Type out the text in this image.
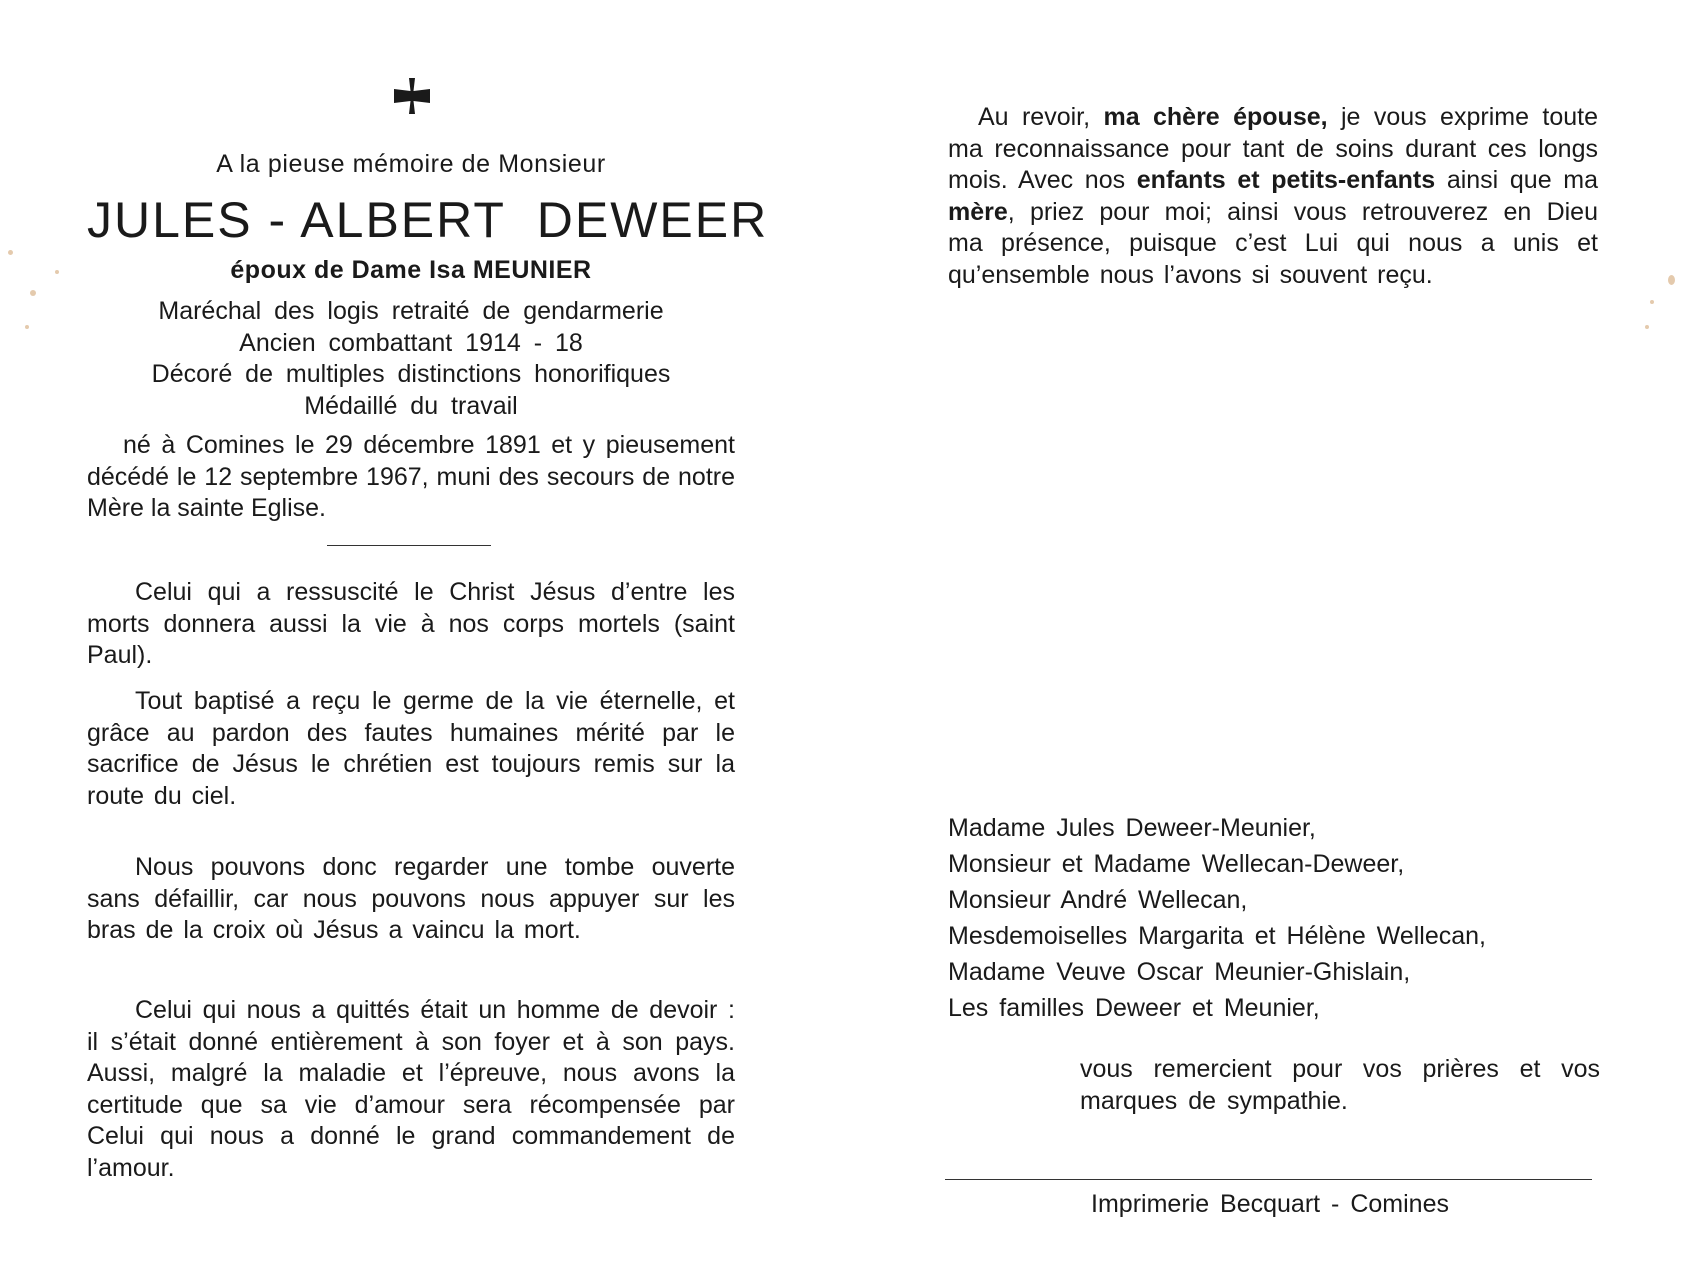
A la pieuse mémoire de Monsieur
JULES - ALBERT  DEWEER
époux de Dame Isa MEUNIER
Maréchal des logis retraité de gendarmerie
Ancien combattant 1914 - 18
Décoré de multiples distinctions honorifiques
Médaillé du travail

né à Comines le 29 décembre 1891 et y pieusement décédé le 12 septembre 1967, muni des secours de notre Mère la sainte Eglise.

Celui qui a ressuscité le Christ Jésus d’entre les morts donnera aussi la vie à nos corps mortels (saint Paul).

Tout baptisé a reçu le germe de la vie éternelle, et grâce au pardon des fautes humaines mérité par le sacrifice de Jésus le chrétien est toujours remis sur la route du ciel.

Nous pouvons donc regarder une tombe ouverte sans défaillir, car nous pouvons nous appuyer sur les bras de la croix où Jésus a vaincu la mort.

Celui qui nous a quittés était un homme de devoir : il s’était donné entièrement à son foyer et à son pays. Aussi, malgré la maladie et l’épreuve, nous avons la certitude que sa vie d’amour sera récompensée par Celui qui nous a donné le grand commandement de l’amour.

Au revoir, ma chère épouse, je vous exprime toute ma reconnaissance pour tant de soins durant ces longs mois. Avec nos enfants et petits-enfants ainsi que ma mère, priez pour moi; ainsi vous retrouverez en Dieu ma présence, puisque c’est Lui qui nous a unis et qu’ensemble nous l’avons si souvent reçu.

Madame Jules Deweer-Meunier,
Monsieur et Madame Wellecan-Deweer,
Monsieur André Wellecan,
Mesdemoiselles Margarita et Hélène Wellecan,
Madame Veuve Oscar Meunier-Ghislain,
Les familles Deweer et Meunier,
vous remercient pour vos prières et vos marques de sympathie.
Imprimerie Becquart - Comines
